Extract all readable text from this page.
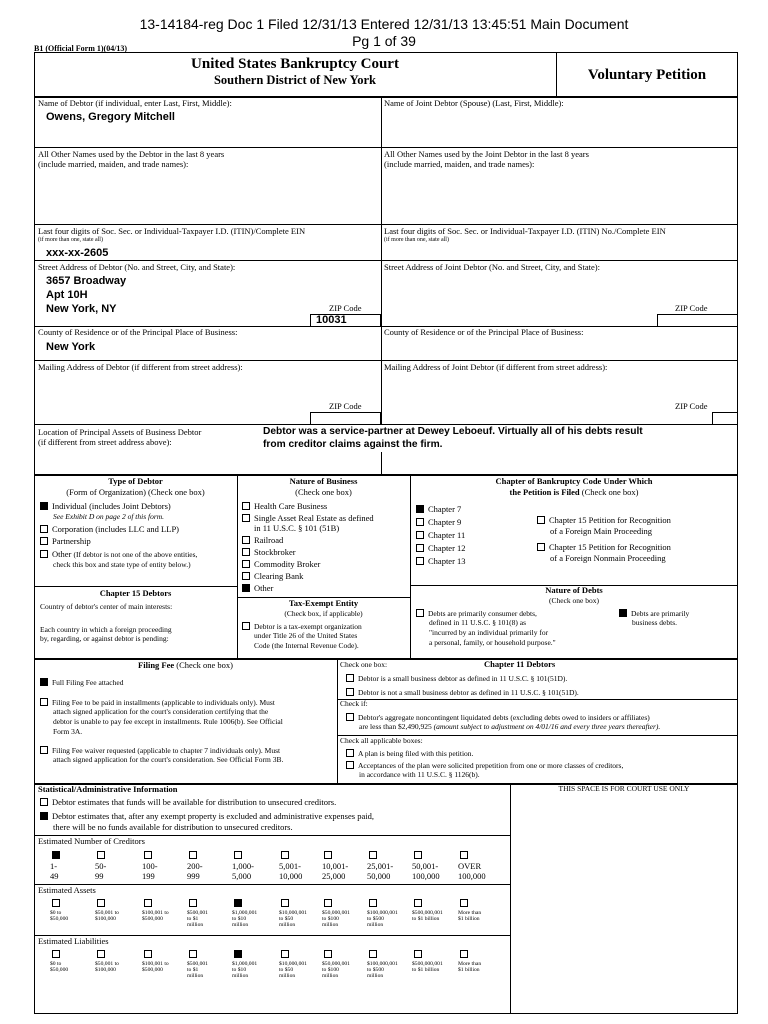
13-14184-reg Doc 1 Filed 12/31/13 Entered 12/31/13 13:45:51 Main Document
Pg 1 of 39
B1 (Official Form 1)(04/13)
United States Bankruptcy Court
Southern District of New York	Voluntary Petition
Name of Debtor (if individual, enter Last, First, Middle):
Owens, Gregory Mitchell
Name of Joint Debtor (Spouse) (Last, First, Middle):
All Other Names used by the Debtor in the last 8 years
(include married, maiden, and trade names):
All Other Names used by the Joint Debtor in the last 8 years
(include married, maiden, and trade names):
Last four digits of Soc. Sec. or Individual-Taxpayer I.D. (ITIN)/Complete EIN
(if more than one, state all)
xxx-xx-2605
Last four digits of Soc. Sec. or Individual-Taxpayer I.D. (ITIN) No./Complete EIN
(if more than one, state all)
Street Address of Debtor (No. and Street, City, and State):
3657 Broadway
Apt 10H
New York, NY	ZIP Code
10031
Street Address of Joint Debtor (No. and Street, City, and State):
ZIP Code
County of Residence or of the Principal Place of Business:
New York
County of Residence or of the Principal Place of Business:
Mailing Address of Debtor (if different from street address):
ZIP Code
Mailing Address of Joint Debtor (if different from street address):
ZIP Code
Location of Principal Assets of Business Debtor
(if different from street address above):
Debtor was a service-partner at Dewey Leboeuf. Virtually all of his debts result
from creditor claims against the firm.
Type of Debtor
(Form of Organization) (Check one box)
Individual (includes Joint Debtors)
See Exhibit D on page 2 of this form.
Corporation (includes LLC and LLP)
Partnership
Other (If debtor is not one of the above entities,
check this box and state type of entity below.)
Chapter 15 Debtors
Country of debtor's center of main interests:
Each country in which a foreign proceeding
by, regarding, or against debtor is pending:
Nature of Business
(Check one box)
Health Care Business
Single Asset Real Estate as defined
in 11 U.S.C. § 101 (51B)
Railroad
Stockbroker
Commodity Broker
Clearing Bank
Other
Tax-Exempt Entity
(Check box, if applicable)
Debtor is a tax-exempt organization
under Title 26 of the United States
Code (the Internal Revenue Code).
Chapter of Bankruptcy Code Under Which
the Petition is Filed (Check one box)
Chapter 7
Chapter 9
Chapter 11
Chapter 12
Chapter 13
Chapter 15 Petition for Recognition
of a Foreign Main Proceeding
Chapter 15 Petition for Recognition
of a Foreign Nonmain Proceeding
Nature of Debts
(Check one box)
Debts are primarily consumer debts,
defined in 11 U.S.C. § 101(8) as
"incurred by an individual primarily for
a personal, family, or household purpose."
Debts are primarily
business debts.
Filing Fee (Check one box)
Full Filing Fee attached
Filing Fee to be paid in installments (applicable to individuals only). Must
attach signed application for the court's consideration certifying that the
debtor is unable to pay fee except in installments. Rule 1006(b). See Official
Form 3A.
Filing Fee waiver requested (applicable to chapter 7 individuals only). Must
attach signed application for the court's consideration. See Official Form 3B.
Check one box:	Chapter 11 Debtors
Debtor is a small business debtor as defined in 11 U.S.C. § 101(51D).
Debtor is not a small business debtor as defined in 11 U.S.C. § 101(51D).
Check if:
Debtor's aggregate noncontingent liquidated debts (excluding debts owed to insiders or affiliates)
are less than $2,490,925 (amount subject to adjustment on 4/01/16 and every three years thereafter).
Check all applicable boxes:
A plan is being filed with this petition.
Acceptances of the plan were solicited prepetition from one or more classes of creditors,
in accordance with 11 U.S.C. § 1126(b).
Statistical/Administrative Information	THIS SPACE IS FOR COURT USE ONLY
Debtor estimates that funds will be available for distribution to unsecured creditors.
Debtor estimates that, after any exempt property is excluded and administrative expenses paid,
there will be no funds available for distribution to unsecured creditors.
Estimated Number of Creditors
1-
49
50-
99
100-
199
200-
999
1,000-
5,000
5,001-
10,000
10,001-
25,000
25,001-
50,000
50,001-
100,000
OVER
100,000
Estimated Assets
$0 to
$50,000
$50,001 to
$100,000
$100,001 to
$500,000
$500,001
to $1
million
$1,000,001
to $10
million
$10,000,001
to $50
million
$50,000,001
to $100
million
$100,000,001
to $500
million
$500,000,001
to $1 billion
More than
$1 billion
Estimated Liabilities
$0 to
$50,000
$50,001 to
$100,000
$100,001 to
$500,000
$500,001
to $1
million
$1,000,001
to $10
million
$10,000,001
to $50
million
$50,000,001
to $100
million
$100,000,001
to $500
million
$500,000,001
to $1 billion
More than
$1 billion
